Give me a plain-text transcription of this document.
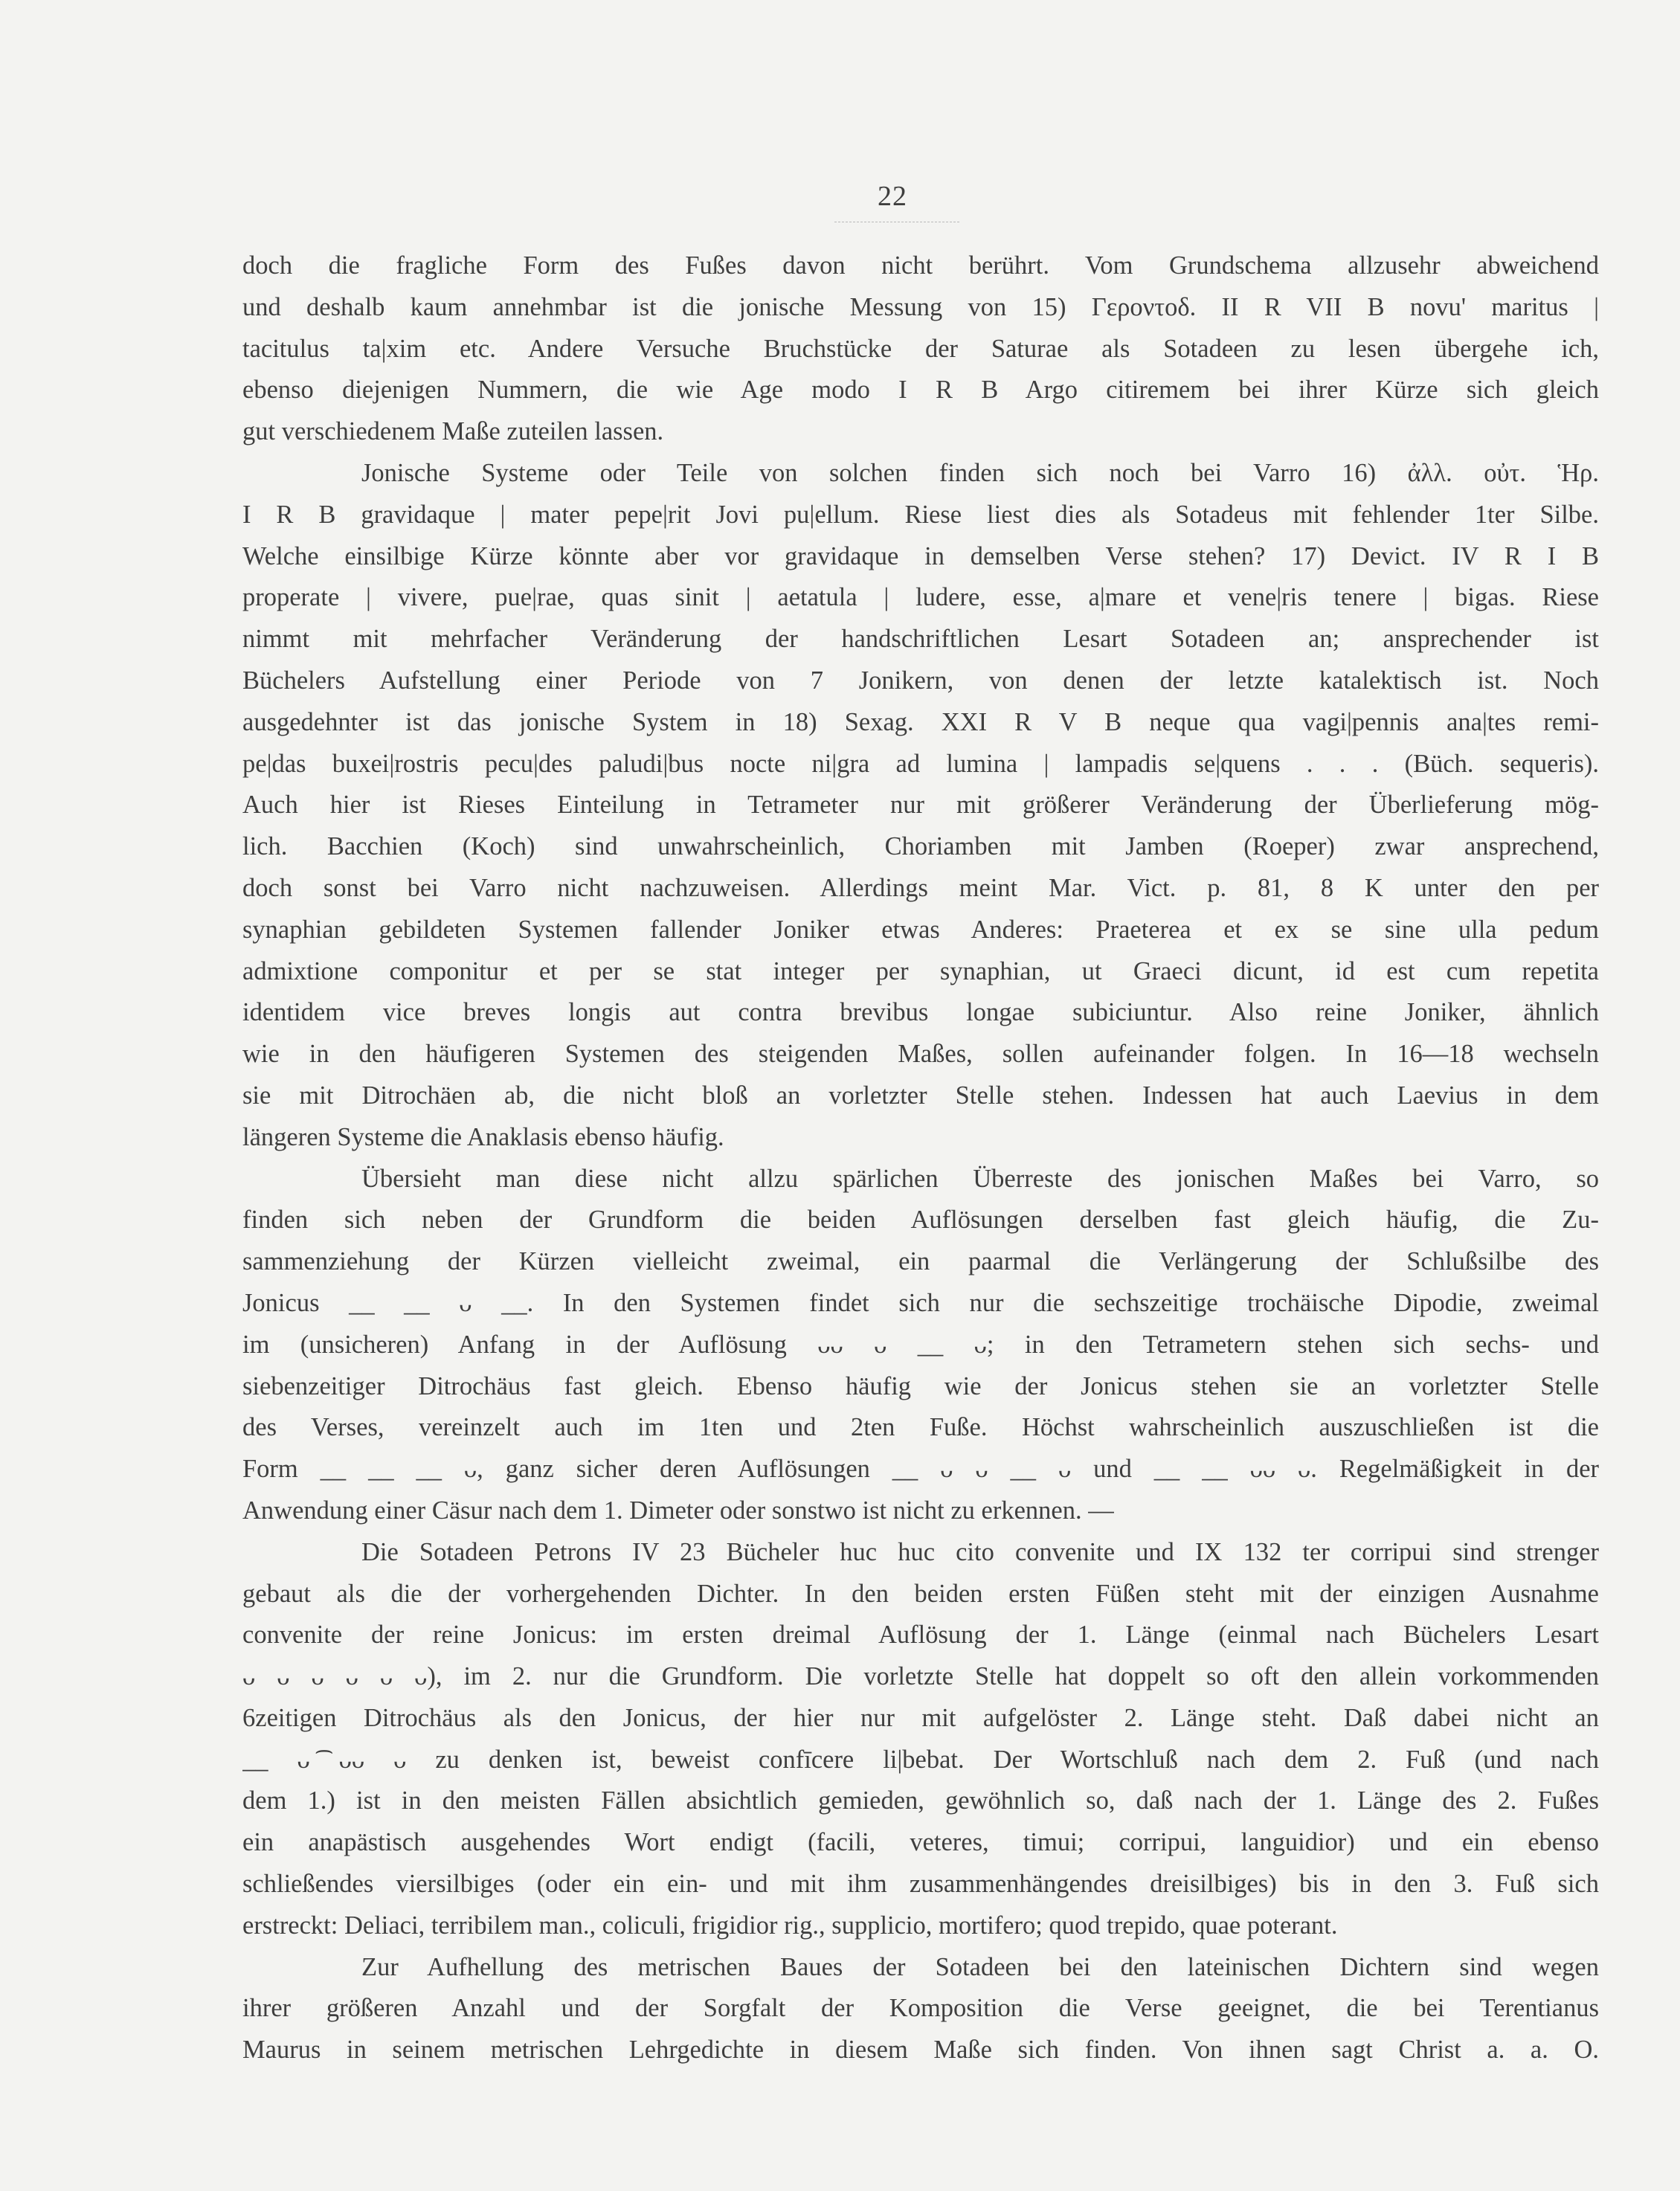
22
doch die fragliche Form des Fußes davon nicht berührt. Vom Grundschema allzusehr abweichend
und deshalb kaum annehmbar ist die jonische Messung von 15) Γεροντοδ. II R VII B novu' maritus |
tacitulus ta|xim etc. Andere Versuche Bruchstücke der Saturae als Sotadeen zu lesen übergehe ich,
ebenso diejenigen Nummern, die wie Age modo I R B Argo citiremem bei ihrer Kürze sich gleich
gut verschiedenem Maße zuteilen lassen.
Jonische Systeme oder Teile von solchen finden sich noch bei Varro 16) ἀλλ. οὐτ. Ἡρ.
I R B gravidaque | mater pepe|rit Jovi pu|ellum. Riese liest dies als Sotadeus mit fehlender 1ter Silbe.
Welche einsilbige Kürze könnte aber vor gravidaque in demselben Verse stehen? 17) Devict. IV R I B
properate | vivere, pue|rae, quas sinit | aetatula | ludere, esse, a|mare et vene|ris tenere | bigas. Riese
nimmt mit mehrfacher Veränderung der handschriftlichen Lesart Sotadeen an; ansprechender ist
Büchelers Aufstellung einer Periode von 7 Jonikern, von denen der letzte katalektisch ist. Noch
ausgedehnter ist das jonische System in 18) Sexag. XXI R V B neque qua vagi|pennis ana|tes remi-
pe|das buxei|rostris pecu|des paludi|bus nocte ni|gra ad lumina | lampadis se|quens . . . (Büch. sequeris).
Auch hier ist Rieses Einteilung in Tetrameter nur mit größerer Veränderung der Überlieferung mög-
lich. Bacchien (Koch) sind unwahrscheinlich, Choriamben mit Jamben (Roeper) zwar ansprechend,
doch sonst bei Varro nicht nachzuweisen. Allerdings meint Mar. Vict. p. 81, 8 K unter den per
synaphian gebildeten Systemen fallender Joniker etwas Anderes: Praeterea et ex se sine ulla pedum
admixtione componitur et per se stat integer per synaphian, ut Graeci dicunt, id est cum repetita
identidem vice breves longis aut contra brevibus longae subiciuntur. Also reine Joniker, ähnlich
wie in den häufigeren Systemen des steigenden Maßes, sollen aufeinander folgen. In 16—18 wechseln
sie mit Ditrochäen ab, die nicht bloß an vorletzter Stelle stehen. Indessen hat auch Laevius in dem
längeren Systeme die Anaklasis ebenso häufig.
Übersieht man diese nicht allzu spärlichen Überreste des jonischen Maßes bei Varro, so
finden sich neben der Grundform die beiden Auflösungen derselben fast gleich häufig, die Zu-
sammenziehung der Kürzen vielleicht zweimal, ein paarmal die Verlängerung der Schlußsilbe des
Jonicus __ __ ᴗ __. In den Systemen findet sich nur die sechszeitige trochäische Dipodie, zweimal
im (unsicheren) Anfang in der Auflösung ᴗᴗ ᴗ __ ᴗ; in den Tetrametern stehen sich sechs- und
siebenzeitiger Ditrochäus fast gleich. Ebenso häufig wie der Jonicus stehen sie an vorletzter Stelle
des Verses, vereinzelt auch im 1ten und 2ten Fuße. Höchst wahrscheinlich auszuschließen ist die
Form __ __ __ ᴗ, ganz sicher deren Auflösungen __ ᴗ ᴗ __ ᴗ und __ __ ᴗᴗ ᴗ. Regelmäßigkeit in der
Anwendung einer Cäsur nach dem 1. Dimeter oder sonstwo ist nicht zu erkennen. —
Die Sotadeen Petrons IV 23 Bücheler huc huc cito convenite und IX 132 ter corripui sind strenger
gebaut als die der vorhergehenden Dichter. In den beiden ersten Füßen steht mit der einzigen Ausnahme
convenite der reine Jonicus: im ersten dreimal Auflösung der 1. Länge (einmal nach Büchelers Lesart
ᴗ ᴗ ᴗ ᴗ ᴗ ᴗ), im 2. nur die Grundform. Die vorletzte Stelle hat doppelt so oft den allein vorkommenden
6zeitigen Ditrochäus als den Jonicus, der hier nur mit aufgelöster 2. Länge steht. Daß dabei nicht an
__ ᴗ ͡ᴗᴗ ᴗ zu denken ist, beweist confīcere li|bebat. Der Wortschluß nach dem 2. Fuß (und nach
dem 1.) ist in den meisten Fällen absichtlich gemieden, gewöhnlich so, daß nach der 1. Länge des 2. Fußes
ein anapästisch ausgehendes Wort endigt (facili, veteres, timui; corripui, languidior) und ein ebenso
schließendes viersilbiges (oder ein ein- und mit ihm zusammenhängendes dreisilbiges) bis in den 3. Fuß sich
erstreckt: Deliaci, terribilem man., coliculi, frigidior rig., supplicio, mortifero; quod trepido, quae poterant.
Zur Aufhellung des metrischen Baues der Sotadeen bei den lateinischen Dichtern sind wegen
ihrer größeren Anzahl und der Sorgfalt der Komposition die Verse geeignet, die bei Terentianus
Maurus in seinem metrischen Lehrgedichte in diesem Maße sich finden. Von ihnen sagt Christ a. a. O.
